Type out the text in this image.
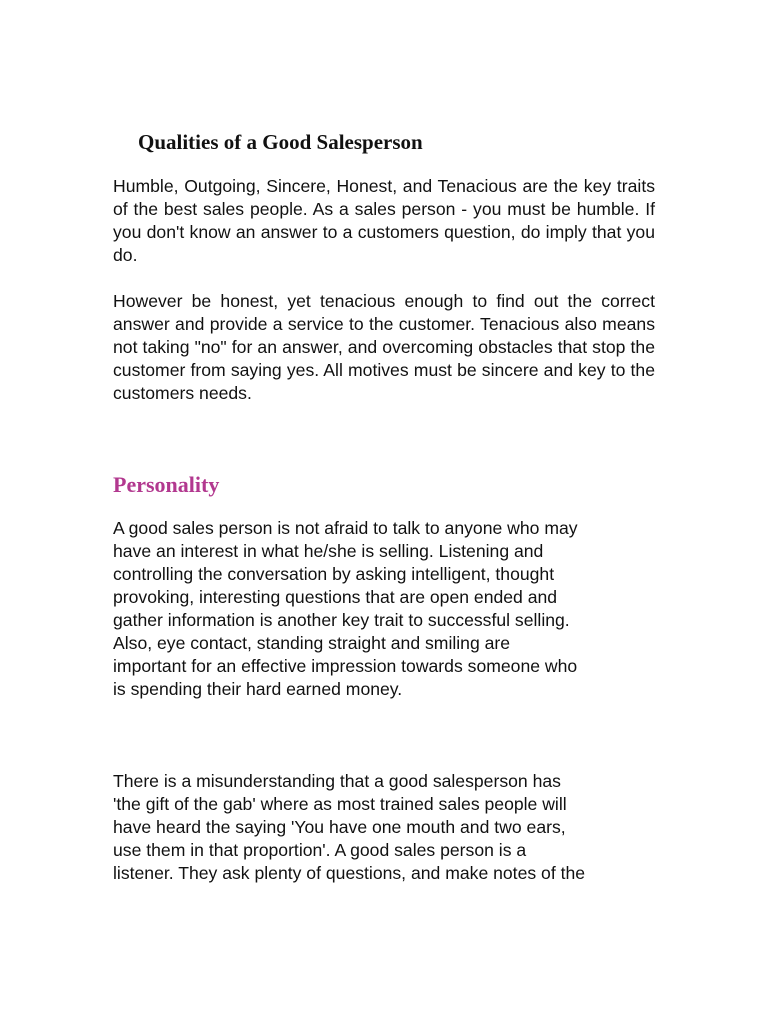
Qualities of a Good Salesperson

Humble, Outgoing, Sincere, Honest, and Tenacious are the key traits of the best sales people. As a sales person - you must be humble. If you don't know an answer to a customers question, do imply that you do.

However be honest, yet tenacious enough to find out the correct answer and provide a service to the customer. Tenacious also means not taking "no" for an answer, and overcoming obstacles that stop the customer from saying yes. All motives must be sincere and key to the customers needs.

Personality

A good sales person is not afraid to talk to anyone who may
have an interest in what he/she is selling. Listening and
controlling the conversation by asking intelligent, thought
provoking, interesting questions that are open ended and
gather information is another key trait to successful selling.
Also, eye contact, standing straight and smiling are
important for an effective impression towards someone who
is spending their hard earned money.

There is a misunderstanding that a good salesperson has
'the gift of the gab' where as most trained sales people will
have heard the saying 'You have one mouth and two ears,
use them in that proportion'. A good sales person is a
listener. They ask plenty of questions, and make notes of the
